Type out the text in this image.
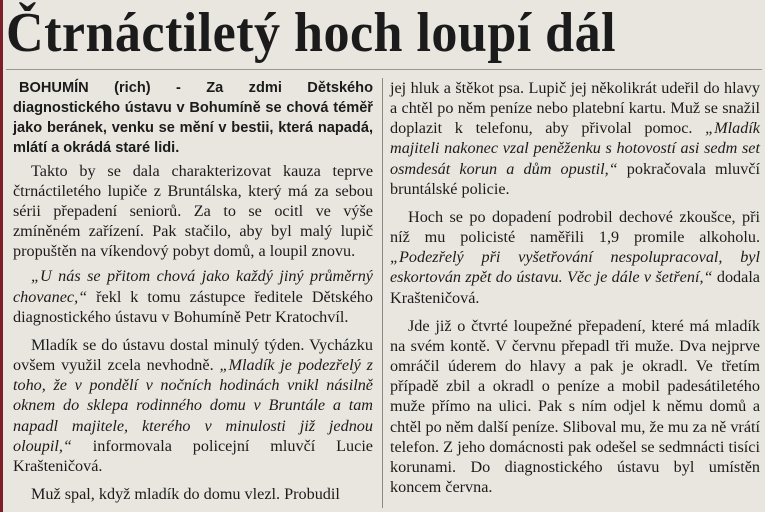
Čtrnáctiletý hoch loupí dál

BOHUMÍN (rich) - Za zdmi Dětského diagnostického ústavu v Bohumíně se chová téměř jako beránek, venku se mění v bestii, která napadá, mlátí a okrádá staré lidi.

Takto by se dala charakterizovat kauza teprve čtrnáctiletého lupiče z Bruntálska, který má za sebou sérii přepadení seniorů. Za to se ocitl ve výše zmíněném zařízení. Pak stačilo, aby byl malý lupič propuštěn na víkendový pobyt domů, a loupil znovu.

„U nás se přitom chová jako každý jiný průměrný chovanec,“ řekl k tomu zástupce ředitele Dětského diagnostického ústavu v Bohumíně Petr Kratochvíl.

Mladík se do ústavu dostal minulý týden. Vycházku ovšem využil zcela nevhodně. „Mladík je podezřelý z toho, že v pondělí v nočních hodinách vnikl násilně oknem do sklepa rodinného domu v Bruntále a tam napadl majitele, kterého v minulosti již jednou oloupil,“ informovala policejní mluvčí Lucie Krašteničová.

Muž spal, když mladík do domu vlezl. Probudil

jej hluk a štěkot psa. Lupič jej několikrát udeřil do hlavy a chtěl po něm peníze nebo platební kartu. Muž se snažil doplazit k telefonu, aby přivolal pomoc. „Mladík majiteli nakonec vzal peněženku s hotovostí asi sedm set osmdesát korun a dům opustil,“ pokračovala mluvčí bruntálské policie.

Hoch se po dopadení podrobil dechové zkoušce, při níž mu policisté naměřili 1,9 promile alkoholu. „Podezřelý při vyšetřování nespolupracoval, byl eskortován zpět do ústavu. Věc je dále v šetření,“ dodala Krašteničová.

Jde již o čtvrté loupežné přepadení, které má mladík na svém kontě. V červnu přepadl tři muže. Dva nejprve omráčil úderem do hlavy a pak je okradl. Ve třetím případě zbil a okradl o peníze a mobil padesátiletého muže přímo na ulici. Pak s ním odjel k němu domů a chtěl po něm další peníze. Sliboval mu, že mu za ně vrátí telefon. Z jeho domácnosti pak odešel se sedmnácti tisíci korunami. Do diagnostického ústavu byl umístěn koncem června.
